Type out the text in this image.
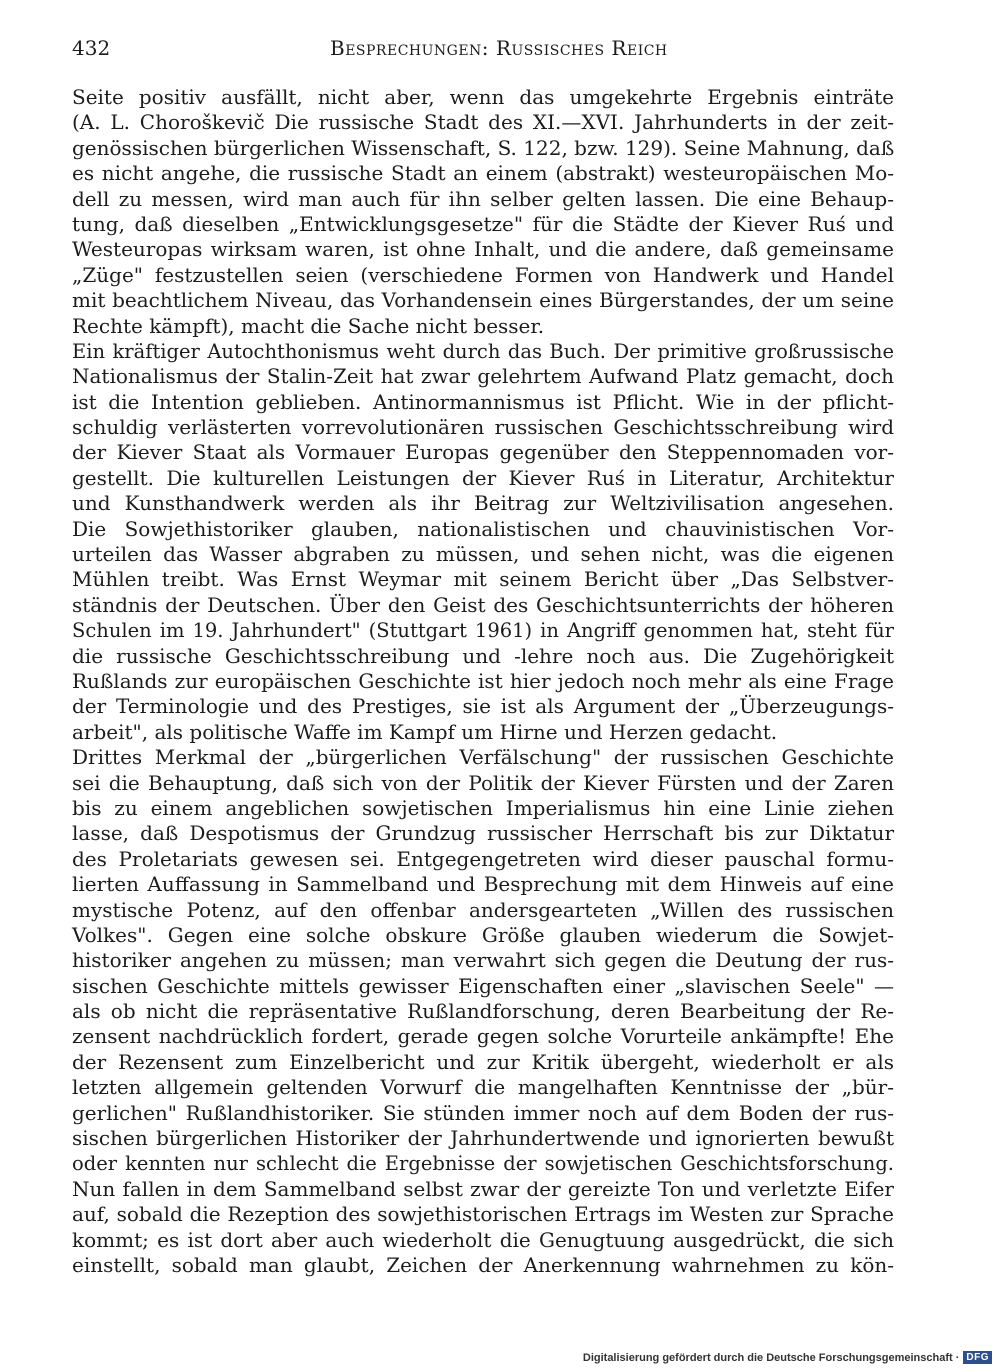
432	Besprechungen: Russisches Reich
Seite positiv ausfällt, nicht aber, wenn das umgekehrte Ergebnis einträte
(A. L. Choroškevič Die russische Stadt des XI.—XVI. Jahrhunderts in der zeit-
genössischen bürgerlichen Wissenschaft, S. 122, bzw. 129). Seine Mahnung, daß
es nicht angehe, die russische Stadt an einem (abstrakt) westeuropäischen Mo-
dell zu messen, wird man auch für ihn selber gelten lassen. Die eine Behaup-
tung, daß dieselben „Entwicklungsgesetze" für die Städte der Kiever Ruś und
Westeuropas wirksam waren, ist ohne Inhalt, und die andere, daß gemeinsame
„Züge" festzustellen seien (verschiedene Formen von Handwerk und Handel
mit beachtlichem Niveau, das Vorhandensein eines Bürgerstandes, der um seine
Rechte kämpft), macht die Sache nicht besser.
Ein kräftiger Autochthonismus weht durch das Buch. Der primitive großrussische
Nationalismus der Stalin-Zeit hat zwar gelehrtem Aufwand Platz gemacht, doch
ist die Intention geblieben. Antinormannismus ist Pflicht. Wie in der pflicht-
schuldig verlästerten vorrevolutionären russischen Geschichtsschreibung wird
der Kiever Staat als Vormauer Europas gegenüber den Steppennomaden vor-
gestellt. Die kulturellen Leistungen der Kiever Ruś in Literatur, Architektur
und Kunsthandwerk werden als ihr Beitrag zur Weltzivilisation angesehen.
Die Sowjethistoriker glauben, nationalistischen und chauvinistischen Vor-
urteilen das Wasser abgraben zu müssen, und sehen nicht, was die eigenen
Mühlen treibt. Was Ernst Weymar mit seinem Bericht über „Das Selbstver-
ständnis der Deutschen. Über den Geist des Geschichtsunterrichts der höheren
Schulen im 19. Jahrhundert" (Stuttgart 1961) in Angriff genommen hat, steht für
die russische Geschichtsschreibung und -lehre noch aus. Die Zugehörigkeit
Rußlands zur europäischen Geschichte ist hier jedoch noch mehr als eine Frage
der Terminologie und des Prestiges, sie ist als Argument der „Überzeugungs-
arbeit", als politische Waffe im Kampf um Hirne und Herzen gedacht.
Drittes Merkmal der „bürgerlichen Verfälschung" der russischen Geschichte
sei die Behauptung, daß sich von der Politik der Kiever Fürsten und der Zaren
bis zu einem angeblichen sowjetischen Imperialismus hin eine Linie ziehen
lasse, daß Despotismus der Grundzug russischer Herrschaft bis zur Diktatur
des Proletariats gewesen sei. Entgegengetreten wird dieser pauschal formu-
lierten Auffassung in Sammelband und Besprechung mit dem Hinweis auf eine
mystische Potenz, auf den offenbar andersgearteten „Willen des russischen
Volkes". Gegen eine solche obskure Größe glauben wiederum die Sowjet-
historiker angehen zu müssen; man verwahrt sich gegen die Deutung der rus-
sischen Geschichte mittels gewisser Eigenschaften einer „slavischen Seele" —
als ob nicht die repräsentative Rußlandforschung, deren Bearbeitung der Re-
zensent nachdrücklich fordert, gerade gegen solche Vorurteile ankämpfte! Ehe
der Rezensent zum Einzelbericht und zur Kritik übergeht, wiederholt er als
letzten allgemein geltenden Vorwurf die mangelhaften Kenntnisse der „bür-
gerlichen" Rußlandhistoriker. Sie stünden immer noch auf dem Boden der rus-
sischen bürgerlichen Historiker der Jahrhundertwende und ignorierten bewußt
oder kennten nur schlecht die Ergebnisse der sowjetischen Geschichtsforschung.
Nun fallen in dem Sammelband selbst zwar der gereizte Ton und verletzte Eifer
auf, sobald die Rezeption des sowjethistorischen Ertrags im Westen zur Sprache
kommt; es ist dort aber auch wiederholt die Genugtuung ausgedrückt, die sich
einstellt, sobald man glaubt, Zeichen der Anerkennung wahrnehmen zu kön-
Digitalisierung gefördert durch die Deutsche Forschungsgemeinschaft · DFG
